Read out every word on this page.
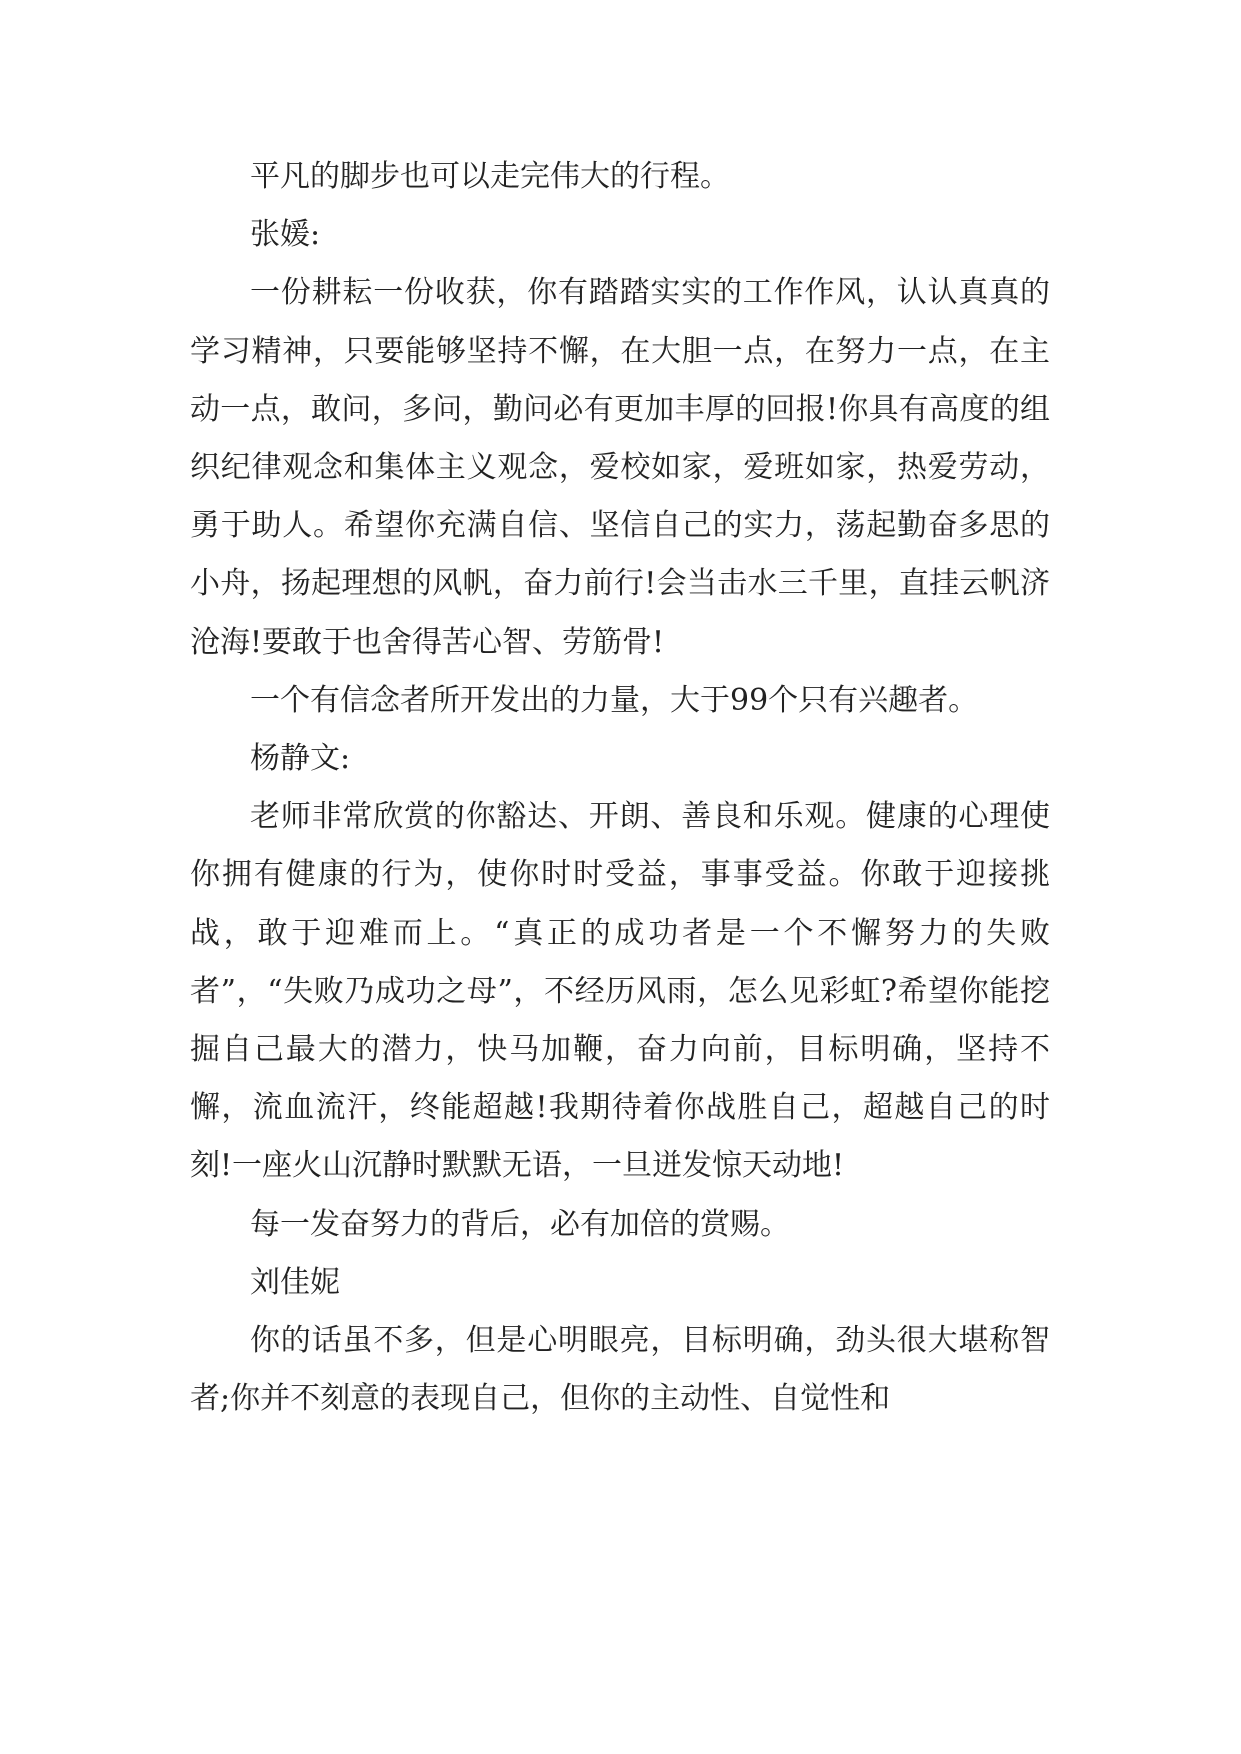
平凡的脚步也可以走完伟大的行程。

张媛:

一份耕耘一份收获，你有踏踏实实的工作作风，认认真真的学习精神，只要能够坚持不懈，在大胆一点，在努力一点，在主动一点，敢问，多问，勤问必有更加丰厚的回报!你具有高度的组织纪律观念和集体主义观念，爱校如家，爱班如家，热爱劳动，勇于助人。希望你充满自信、坚信自己的实力，荡起勤奋多思的小舟，扬起理想的风帆，奋力前行!会当击水三千里，直挂云帆济沧海!要敢于也舍得苦心智、劳筋骨!

一个有信念者所开发出的力量，大于99个只有兴趣者。

杨静文:

老师非常欣赏的你豁达、开朗、善良和乐观。健康的心理使你拥有健康的行为，使你时时受益，事事受益。你敢于迎接挑战，敢于迎难而上。“真正的成功者是一个不懈努力的失败者”，“失败乃成功之母”，不经历风雨，怎么见彩虹?希望你能挖掘自己最大的潜力，快马加鞭，奋力向前，目标明确，坚持不懈，流血流汗，终能超越!我期待着你战胜自己，超越自己的时刻!一座火山沉静时默默无语，一旦迸发惊天动地!

每一发奋努力的背后，必有加倍的赏赐。

刘佳妮

你的话虽不多，但是心明眼亮，目标明确，劲头很大堪称智者;你并不刻意的表现自己，但你的主动性、自觉性和
